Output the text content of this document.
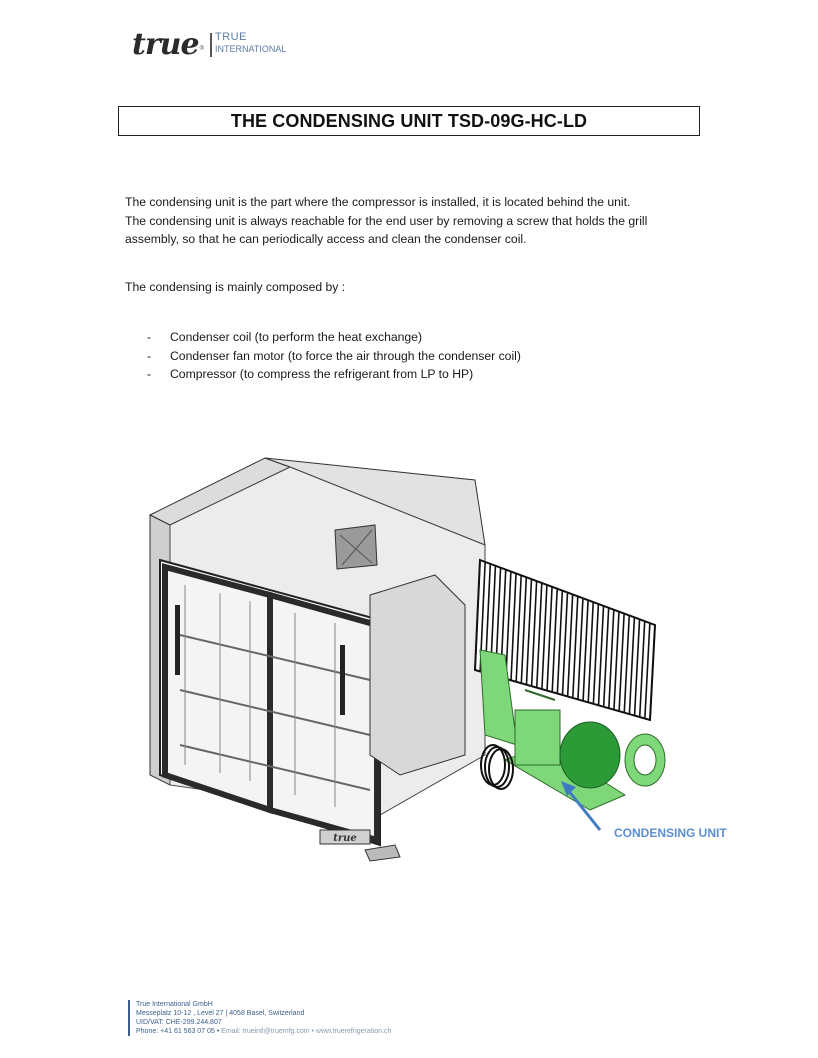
true ®
TRUE
INTERNATIONAL
THE CONDENSING UNIT TSD-09G-HC-LD
The condensing unit is the part where the compressor is installed, it is located behind the unit.
The condensing unit is always reachable for the end user by removing a screw that holds the grill
assembly, so that he can periodically access and clean the condenser coil.
The condensing is mainly composed by :
- Condenser coil (to perform the heat exchange)
- Condenser fan motor (to force the air through the condenser coil)
- Compressor (to compress the refrigerant from LP to HP)
true	CONDENSING UNIT
True International GmbH
Messeplatz 10-12 , Level 27 | 4058 Basel, Switzerland
UID/VAT: CHE-299.244.807
Phone: +41 61 563 07 05 • Email: trueintl@truemfg.com • www.truerefrigeration.ch
